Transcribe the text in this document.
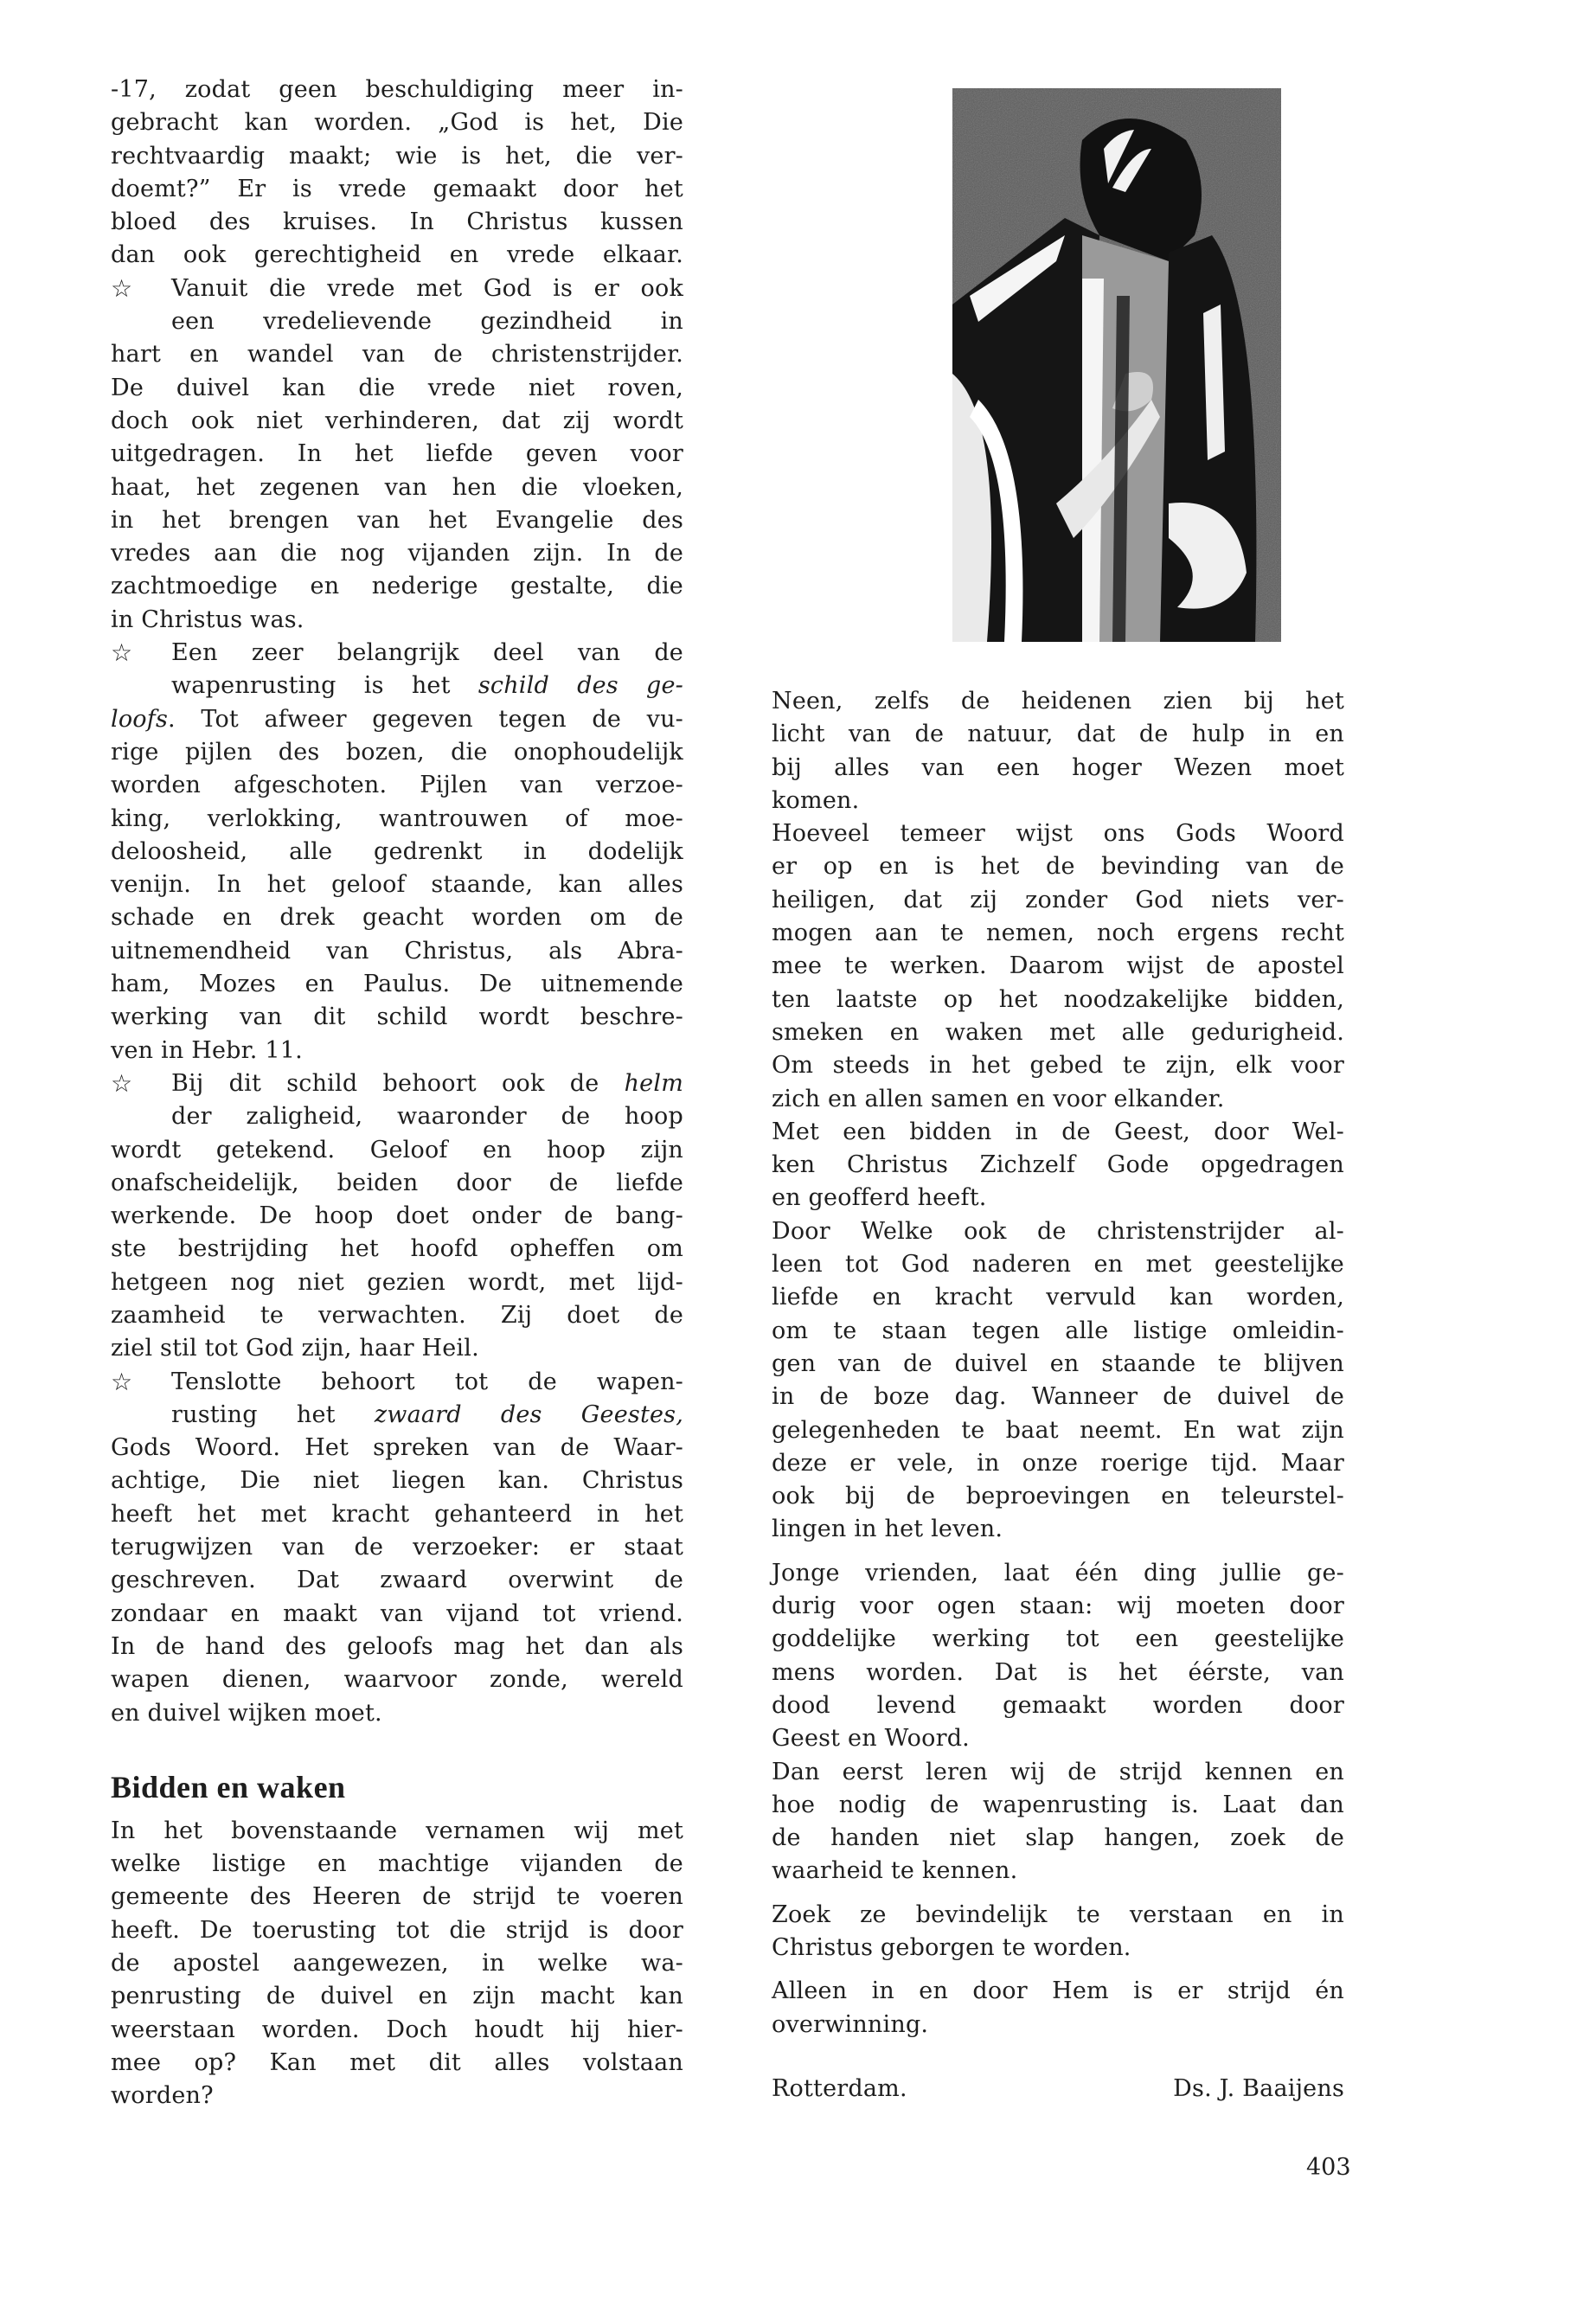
-17, zodat geen beschuldiging meer in-
gebracht kan worden. „God is het, Die
rechtvaardig maakt; wie is het, die ver-
doemt?” Er is vrede gemaakt door het
bloed des kruises. In Christus kussen
dan ook gerechtigheid en vrede elkaar.
☆ Vanuit die vrede met God is er ook
een vredelievende gezindheid in
hart en wandel van de christenstrijder.
De duivel kan die vrede niet roven,
doch ook niet verhinderen, dat zij wordt
uitgedragen. In het liefde geven voor
haat, het zegenen van hen die vloeken,
in het brengen van het Evangelie des
vredes aan die nog vijanden zijn. In de
zachtmoedige en nederige gestalte, die
in Christus was.
☆ Een zeer belangrijk deel van de
wapenrusting is het schild des ge-
loofs. Tot afweer gegeven tegen de vu-
rige pijlen des bozen, die onophoudelijk
worden afgeschoten. Pijlen van verzoe-
king, verlokking, wantrouwen of moe-
deloosheid, alle gedrenkt in dodelijk
venijn. In het geloof staande, kan alles
schade en drek geacht worden om de
uitnemendheid van Christus, als Abra-
ham, Mozes en Paulus. De uitnemende
werking van dit schild wordt beschre-
ven in Hebr. 11.
☆ Bij dit schild behoort ook de helm
der zaligheid, waaronder de hoop
wordt getekend. Geloof en hoop zijn
onafscheidelijk, beiden door de liefde
werkende. De hoop doet onder de bang-
ste bestrijding het hoofd opheffen om
hetgeen nog niet gezien wordt, met lijd-
zaamheid te verwachten. Zij doet de
ziel stil tot God zijn, haar Heil.
☆ Tenslotte behoort tot de wapen-
rusting het zwaard des Geestes,
Gods Woord. Het spreken van de Waar-
achtige, Die niet liegen kan. Christus
heeft het met kracht gehanteerd in het
terugwijzen van de verzoeker: er staat
geschreven. Dat zwaard overwint de
zondaar en maakt van vijand tot vriend.
In de hand des geloofs mag het dan als
wapen dienen, waarvoor zonde, wereld
en duivel wijken moet.
Bidden en waken
In het bovenstaande vernamen wij met
welke listige en machtige vijanden de
gemeente des Heeren de strijd te voeren
heeft. De toerusting tot die strijd is door
de apostel aangewezen, in welke wa-
penrusting de duivel en zijn macht kan
weerstaan worden. Doch houdt hij hier-
mee op? Kan met dit alles volstaan
worden?
Neen, zelfs de heidenen zien bij het
licht van de natuur, dat de hulp in en
bij alles van een hoger Wezen moet
komen.
Hoeveel temeer wijst ons Gods Woord
er op en is het de bevinding van de
heiligen, dat zij zonder God niets ver-
mogen aan te nemen, noch ergens recht
mee te werken. Daarom wijst de apostel
ten laatste op het noodzakelijke bidden,
smeken en waken met alle gedurigheid.
Om steeds in het gebed te zijn, elk voor
zich en allen samen en voor elkander.
Met een bidden in de Geest, door Wel-
ken Christus Zichzelf Gode opgedragen
en geofferd heeft.
Door Welke ook de christenstrijder al-
leen tot God naderen en met geestelijke
liefde en kracht vervuld kan worden,
om te staan tegen alle listige omleidin-
gen van de duivel en staande te blijven
in de boze dag. Wanneer de duivel de
gelegenheden te baat neemt. En wat zijn
deze er vele, in onze roerige tijd. Maar
ook bij de beproevingen en teleurstel-
lingen in het leven.
Jonge vrienden, laat één ding jullie ge-
durig voor ogen staan: wij moeten door
goddelijke werking tot een geestelijke
mens worden. Dat is het éérste, van
dood levend gemaakt worden door
Geest en Woord.
Dan eerst leren wij de strijd kennen en
hoe nodig de wapenrusting is. Laat dan
de handen niet slap hangen, zoek de
waarheid te kennen.
Zoek ze bevindelijk te verstaan en in
Christus geborgen te worden.
Alleen in en door Hem is er strijd én
overwinning.
Rotterdam.	Ds. J. Baaijens
403
